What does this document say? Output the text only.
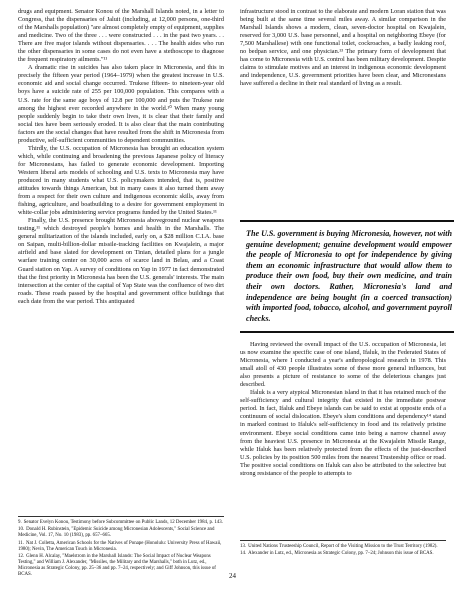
drugs and equipment. Senator Konou of the Marshall Islands noted, in a letter to Congress, that the dispensaries of Jaluit (including, at 12,000 persons, one-third of the Marshalls population) "are almost completely empty of equipment, supplies and medicine. Two of the three . . . were constructed . . . in the past two years. . . There are five major islands without dispensaries. . . . The health aides who run the other dispensaries in some cases do not even have a stethoscope to diagnose the frequent respiratory ailments."¹¹

A dramatic rise in suicides has also taken place in Micronesia, and this in precisely the fifteen year period (1964–1979) when the greatest increase in U.S. economic aid and social change occurred. Trukese fifteen- to nineteen-year old boys have a suicide rate of 255 per 100,000 population. This compares with a U.S. rate for the same age boys of 12.8 per 100,000 and puts the Trukese rate among the highest ever recorded anywhere in the world.¹⁰ When many young people suddenly begin to take their own lives, it is clear that their family and social ties have been seriously eroded. It is also clear that the main contributing factors are the social changes that have resulted from the shift in Micronesia from productive, self-sufficient communities to dependent communities.

Thirdly, the U.S. occupation of Micronesia has brought an education system which, while continuing and broadening the previous Japanese policy of literacy for Micronesians, has failed to generate economic development. Importing Western liberal arts models of schooling and U.S. texts to Micronesia may have produced in many students what U.S. policymakers intended, that is, positive attitudes towards things American, but in many cases it also turned them away from a respect for their own culture and indigenous economic skills, away from fishing, agriculture, and boatbuilding to a desire for government employment in white-collar jobs administering service programs funded by the United States.¹¹

Finally, the U.S. presence brought Micronesia aboveground nuclear weapons testing,¹¹ which destroyed people's homes and health in the Marshalls. The general militarization of the islands included, early on, a $28 million C.I.A. base on Saipan, multi-billion-dollar missile-tracking facilities on Kwajalein, a major airfield and base slated for development on Tinian, detailed plans for a jungle warfare training center on 30,000 acres of scarce land in Belau, and a Coast Guard station on Yap. A survey of conditions on Yap in 1977 in fact demonstrated that the first priority in Micronesia has been the U.S. generals' interests. The main intersection at the center of the capital of Yap State was the confluence of two dirt roads. These roads passed by the hospital and government office buildings that each date from the war period. This antiquated

infrastructure stood in contrast to the elaborate and modern Loran station that was being built at the same time several miles away. A similar comparison in the Marshall Islands shows a modern, clean, seven-doctor hospital on Kwajalein, reserved for 3,000 U.S. base personnel, and a hospital on neighboring Ebeye (for 7,500 Marshallese) with one functional toilet, cockroaches, a badly leaking roof, no bedpan service, and one physician.¹³ The primary form of development that has come to Micronesia with U.S. control has been military development. Despite claims to stimulate motives and an interest in indigenous economic development and independence, U.S. government priorities have been clear, and Micronesians have suffered a decline in their real standard of living as a result.

The U.S. government is buying Micronesia, however, not with genuine development; genuine development would empower the people of Micronesia to opt for independence by giving them an economic infrastructure that would allow them to produce their own food, buy their own medicine, and train their own doctors. Rather, Micronesia's land and independence are being bought (in a coerced transaction) with imported food, tobacco, alcohol, and government payroll checks.

Having reviewed the overall impact of the U.S. occupation of Micronesia, let us now examine the specific case of one island, Ifaluk, in the Federated States of Micronesia, where I conducted a year's anthropological research in 1978. This small atoll of 430 people illustrates some of these more general influences, but also presents a picture of resistance to some of the deleterious changes just described.

Ifaluk is a very atypical Micronesian island in that it has retained much of the self-sufficiency and cultural integrity that existed in the immediate postwar period. In fact, Ifaluk and Ebeye islands can be said to exist at opposite ends of a continuum of social dislocation. Ebeye's slum conditions and dependency¹⁴ stand in marked contrast to Ifaluk's self-sufficiency in food and its relatively pristine environment. Ebeye social conditions came into being a narrow channel away from the heaviest U.S. presence in Micronesia at the Kwajalein Missile Range, while Ifaluk has been relatively protected from the effects of the just-described U.S. policies by its position 500 miles from the nearest Trusteeship office or road. The positive social conditions on Ifaluk can also be attributed to the selective but strong resistance of the people to attempts to

9. Senator Evelyn Konou, Testimony before Subcommittee on Public Lands, 12 December 1984, p. 143.

10. Donald H. Rubinstein, "Epidemic Suicide among Micronesian Adolescents," Social Science and Medicine, Vol. 17, No. 10 (1983), pp. 657–665.

11. Nat J. Colletta, American Schools for the Natives of Ponape (Honolulu: University Press of Hawaii, 1980); Nevin, The American Touch in Micronesia.

12. Glenn H. Alcalay, "Maelstrom in the Marshall Islands: The Social Impact of Nuclear Weapons Testing," and William J. Alexander, "Missiles, the Military and the Marshalls," both in Lutz, ed., Micronesia as Strategic Colony, pp. 25–36 and pp. 7–24, respectively; and Giff Johnson, this issue of BCAS.

13. United Nations Trusteeship Council, Report of the Visiting Mission to the Trust Territory (1982).

14. Alexander in Lutz, ed., Micronesia as Strategic Colony, pp. 7–24; Johnson this issue of BCAS.

24
